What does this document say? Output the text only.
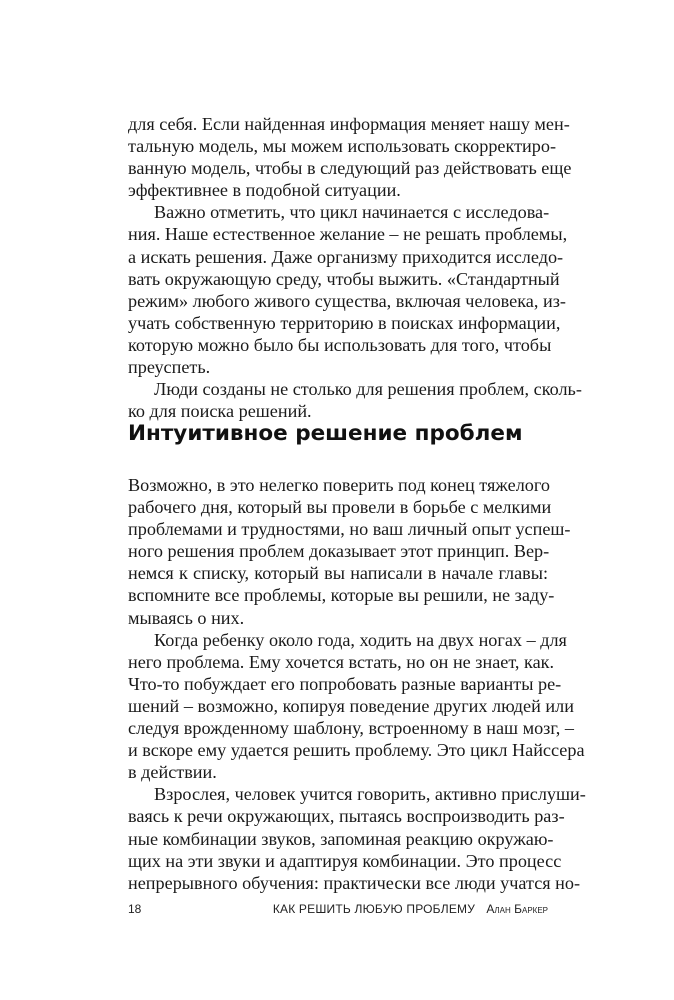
для себя. Если найденная информация меняет нашу мен-
тальную модель, мы можем использовать скорректиро-
ванную модель, чтобы в следующий раз действовать еще
эффективнее в подобной ситуации.
Важно отметить, что цикл начинается с исследова-
ния. Наше естественное желание – не решать проблемы,
а искать решения. Даже организму приходится исследо-
вать окружающую среду, чтобы выжить. «Стандартный
режим» любого живого существа, включая человека, из-
учать собственную территорию в поисках информации,
которую можно было бы использовать для того, чтобы
преуспеть.
Люди созданы не столько для решения проблем, сколь-
ко для поиска решений.
Интуитивное решение проблем
Возможно, в это нелегко поверить под конец тяжелого
рабочего дня, который вы провели в борьбе с мелкими
проблемами и трудностями, но ваш личный опыт успеш-
ного решения проблем доказывает этот принцип. Вер-
немся к списку, который вы написали в начале главы:
вспомните все проблемы, которые вы решили, не заду-
мываясь о них.
Когда ребенку около года, ходить на двух ногах – для
него проблема. Ему хочется встать, но он не знает, как.
Что-то побуждает его попробовать разные варианты ре-
шений – возможно, копируя поведение других людей или
следуя врожденному шаблону, встроенному в наш мозг, –
и вскоре ему удается решить проблему. Это цикл Найссера
в действии.
Взрослея, человек учится говорить, активно прислуши-
ваясь к речи окружающих, пытаясь воспроизводить раз-
ные комбинации звуков, запоминая реакцию окружаю-
щих на эти звуки и адаптируя комбинации. Это процесс
непрерывного обучения: практически все люди учатся но-
18	КАК РЕШИТЬ ЛЮБУЮ ПРОБЛЕМУ Алан Баркер
